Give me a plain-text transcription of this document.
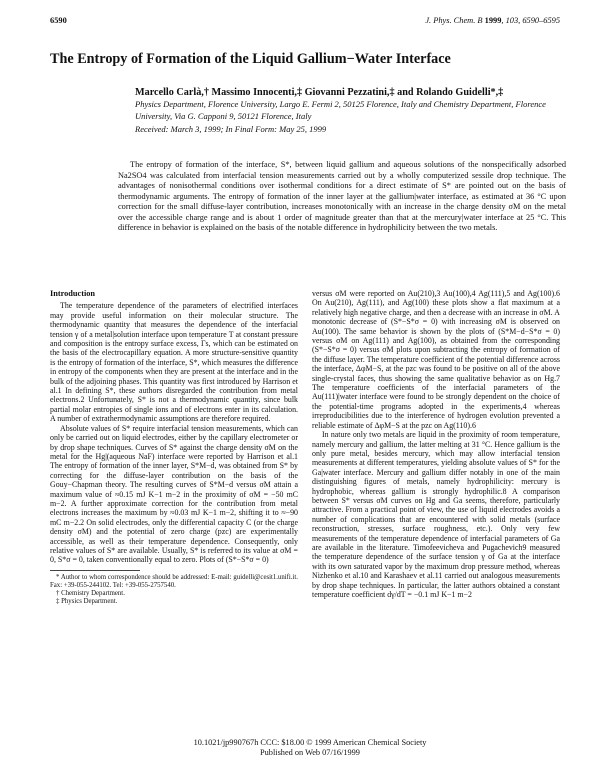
6590	J. Phys. Chem. B 1999, 103, 6590–6595
The Entropy of Formation of the Liquid Gallium−Water Interface
Marcello Carlà,† Massimo Innocenti,‡ Giovanni Pezzatini,‡ and Rolando Guidelli*,‡
Physics Department, Florence University, Largo E. Fermi 2, 50125 Florence, Italy and Chemistry Department, Florence University, Via G. Capponi 9, 50121 Florence, Italy
Received: March 3, 1999; In Final Form: May 25, 1999
The entropy of formation of the interface, S*, between liquid gallium and aqueous solutions of the nonspecifically adsorbed Na2SO4 was calculated from interfacial tension measurements carried out by a wholly computerized sessile drop technique. The advantages of nonisothermal conditions over isothermal conditions for a direct estimate of S* are pointed out on the basis of thermodynamic arguments. The entropy of formation of the inner layer at the gallium|water interface, as estimated at 36 °C upon correction for the small diffuse-layer contribution, increases monotonically with an increase in the charge density σM on the metal over the accessible charge range and is about 1 order of magnitude greater than that at the mercury|water interface at 25 °C. This difference in behavior is explained on the basis of the notable difference in hydrophilicity between the two metals.
Introduction

The temperature dependence of the parameters of electrified interfaces may provide useful information on their molecular structure. The thermodynamic quantity that measures the dependence of the interfacial tension γ of a metal|solution interface upon temperature T at constant pressure and composition is the entropy surface excess, Γs, which can be estimated on the basis of the electrocapillary equation. A more structure-sensitive quantity is the entropy of formation of the interface, S*, which measures the difference in entropy of the components when they are present at the interface and in the bulk of the adjoining phases. This quantity was first introduced by Harrison et al.1 In defining S*, these authors disregarded the contribution from metal electrons.2 Unfortunately, S* is not a thermodynamic quantity, since bulk partial molar entropies of single ions and of electrons enter in its calculation. A number of extrathermodynamic assumptions are therefore required.

Absolute values of S* require interfacial tension measurements, which can only be carried out on liquid electrodes, either by the capillary electrometer or by drop shape techniques. Curves of S* against the charge density σM on the metal for the Hg|(aqueous NaF) interface were reported by Harrison et al.1 The entropy of formation of the inner layer, S*M−d, was obtained from S* by correcting for the diffuse-layer contribution on the basis of the Gouy−Chapman theory. The resulting curves of S*M−d versus σM attain a maximum value of ≈0.15 mJ K−1 m−2 in the proximity of σM = −50 mC m−2. A further approximate correction for the contribution from metal electrons increases the maximum by ≈0.03 mJ K−1 m−2, shifting it to ≈−90 mC m−2.2 On solid electrodes, only the differential capacity C (or the charge density σM) and the potential of zero charge (pzc) are experimentally accessible, as well as their temperature dependence. Consequently, only relative values of S* are available. Usually, S* is referred to its value at σM = 0, S*σ = 0, taken conventionally equal to zero. Plots of (S*−S*σ = 0)

* Author to whom correspondence should be addressed: E-mail: guidelli@cesit1.unifi.it. Fax: +39-055-244102. Tel: +39-055-2757540.

† Chemistry Department.

‡ Physics Department.

versus σM were reported on Au(210),3 Au(100),4 Ag(111),5 and Ag(100).6 On Au(210), Ag(111), and Ag(100) these plots show a flat maximum at a relatively high negative charge, and then a decrease with an increase in σM. A monotonic decrease of (S*−S*σ = 0) with increasing σM is observed on Au(100). The same behavior is shown by the plots of (S*M−d−S*σ = 0) versus σM on Ag(111) and Ag(100), as obtained from the corresponding (S*−S*σ = 0) versus σM plots upon subtracting the entropy of formation of the diffuse layer. The temperature coefficient of the potential difference across the interface, ΔφM−S, at the pzc was found to be positive on all of the above single-crystal faces, thus showing the same qualitative behavior as on Hg.7 The temperature coefficients of the interfacial parameters of the Au(111)|water interface were found to be strongly dependent on the choice of the potential-time programs adopted in the experiments,4 whereas irreproducibilities due to the interference of hydrogen evolution prevented a reliable estimate of ΔφM−S at the pzc on Ag(110).6

In nature only two metals are liquid in the proximity of room temperature, namely mercury and gallium, the latter melting at 31 °C. Hence gallium is the only pure metal, besides mercury, which may allow interfacial tension measurements at different temperatures, yielding absolute values of S* for the Ga|water interface. Mercury and gallium differ notably in one of the main distinguishing figures of metals, namely hydrophilicity: mercury is hydrophobic, whereas gallium is strongly hydrophilic.8 A comparison between S* versus σM curves on Hg and Ga seems, therefore, particularly attractive. From a practical point of view, the use of liquid electrodes avoids a number of complications that are encountered with solid metals (surface reconstruction, stresses, surface roughness, etc.). Only very few measurements of the temperature dependence of interfacial parameters of Ga are available in the literature. Timofeevicheva and Pugachevich9 measured the temperature dependence of the surface tension γ of Ga at the interface with its own saturated vapor by the maximum drop pressure method, whereas Nizhenko et al.10 and Karashaev et al.11 carried out analogous measurements by drop shape techniques. In particular, the latter authors obtained a constant temperature coefficient dγ/dT = −0.1 mJ K−1 m−2

10.1021/jp990767h CCC: $18.00 © 1999 American Chemical Society
Published on Web 07/16/1999
